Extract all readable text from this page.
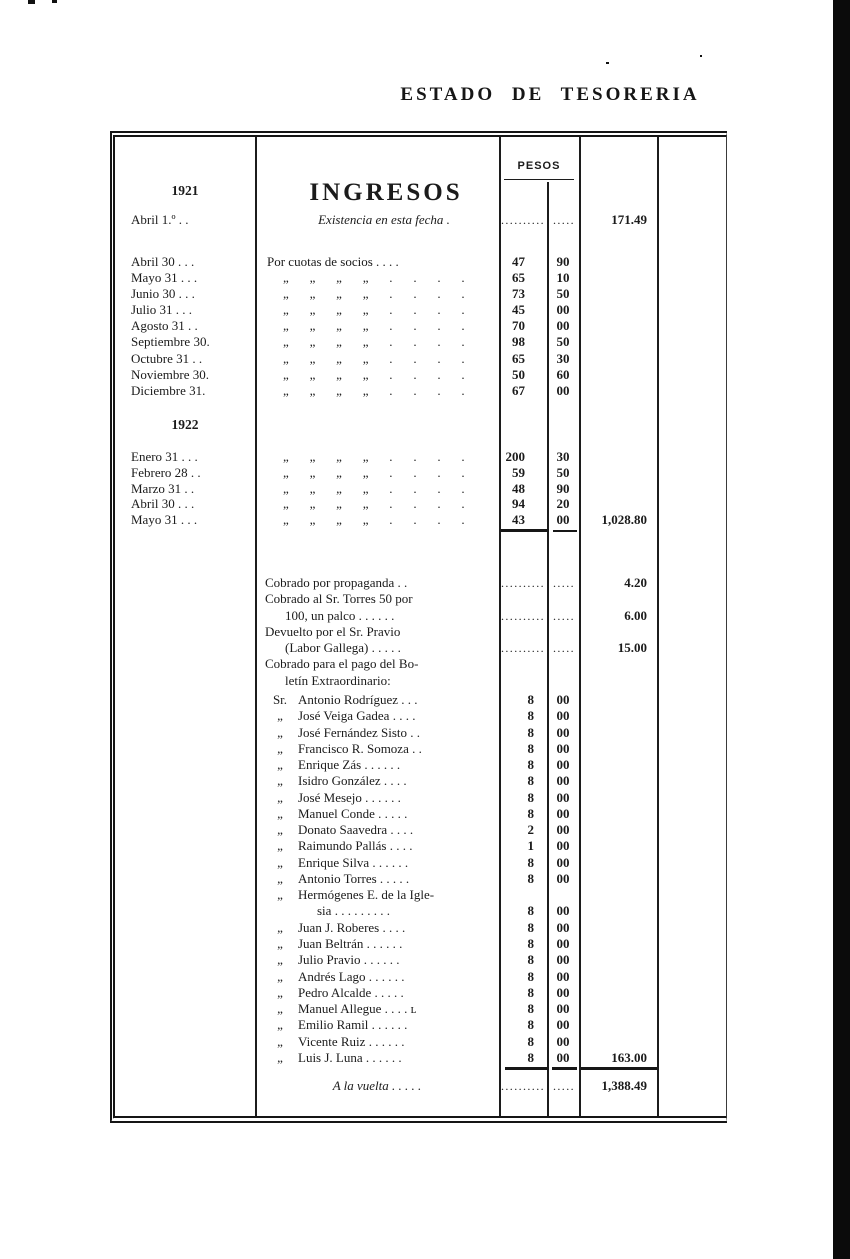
ESTADO DE TESORERIA
PESOS
1921	INGRESOS
Abril 1.º . .	Existencia en esta fecha .	.......... .....	171.49
Abril 30 . . .	Por cuotas de socios . . . .	47	90
Mayo 31 . . .	„ „ „ „ . . . .	65	10
Junio 30 . . .	„ „ „ „ . . . .	73	50
Julio 31 . . .	„ „ „ „ . . . .	45	00
Agosto 31 . .	„ „ „ „ . . . .	70	00
Septiembre 30.	„ „ „ „ . . . .	98	50
Octubre 31 . .	„ „ „ „ . . . .	65	30
Noviembre 30.	„ „ „ „ . . . .	50	60
Diciembre 31.	„ „ „ „ . . . .	67	00
1922
Enero 31 . . .	„ „ „ „ . . . .	200	30
Febrero 28 . .	„ „ „ „ . . . .	59	50
Marzo 31 . .	„ „ „ „ . . . .	48	90
Abril 30 . . .	„ „ „ „ . . . .	94	20
Mayo 31 . . .	„ „ „ „ . . . .	43	00	1,028.80
Cobrado por propaganda . .	.......... .....	4.20
Cobrado al Sr. Torres 50 por
100, un palco . . . . . .	.......... .....	6.00
Devuelto por el Sr. Pravio
(Labor Gallega) . . . . .	.......... .....	15.00
Cobrado para el pago del Bo-
letín Extraordinario:
Sr. Antonio Rodríguez . . .	8	00
„ José Veiga Gadea . . . .	8	00
„ José Fernández Sisto . .	8	00
„ Francisco R. Somoza . .	8	00
„ Enrique Zás . . . . . .	8	00
„ Isidro González . . . .	8	00
„ José Mesejo . . . . . .	8	00
„ Manuel Conde . . . . .	8	00
„ Donato Saavedra . . . .	2	00
„ Raimundo Pallás . . . .	1	00
„ Enrique Silva . . . . . .	8	00
„ Antonio Torres . . . . .	8	00
„ Hermógenes E. de la Igle-
sia . . . . . . . . .	8	00
„ Juan J. Roberes . . . .	8	00
„ Juan Beltrán . . . . . .	8	00
„ Julio Pravio . . . . . .	8	00
„ Andrés Lago . . . . . .	8	00
„ Pedro Alcalde . . . . .	8	00
„ Manuel Allegue . . . . ʟ	8	00
„ Emilio Ramil . . . . . .	8	00
„ Vicente Ruiz . . . . . .	8	00
„ Luis J. Luna . . . . . .	8	00	163.00
A la vuelta . . . . .	.......... .....	1,388.49
